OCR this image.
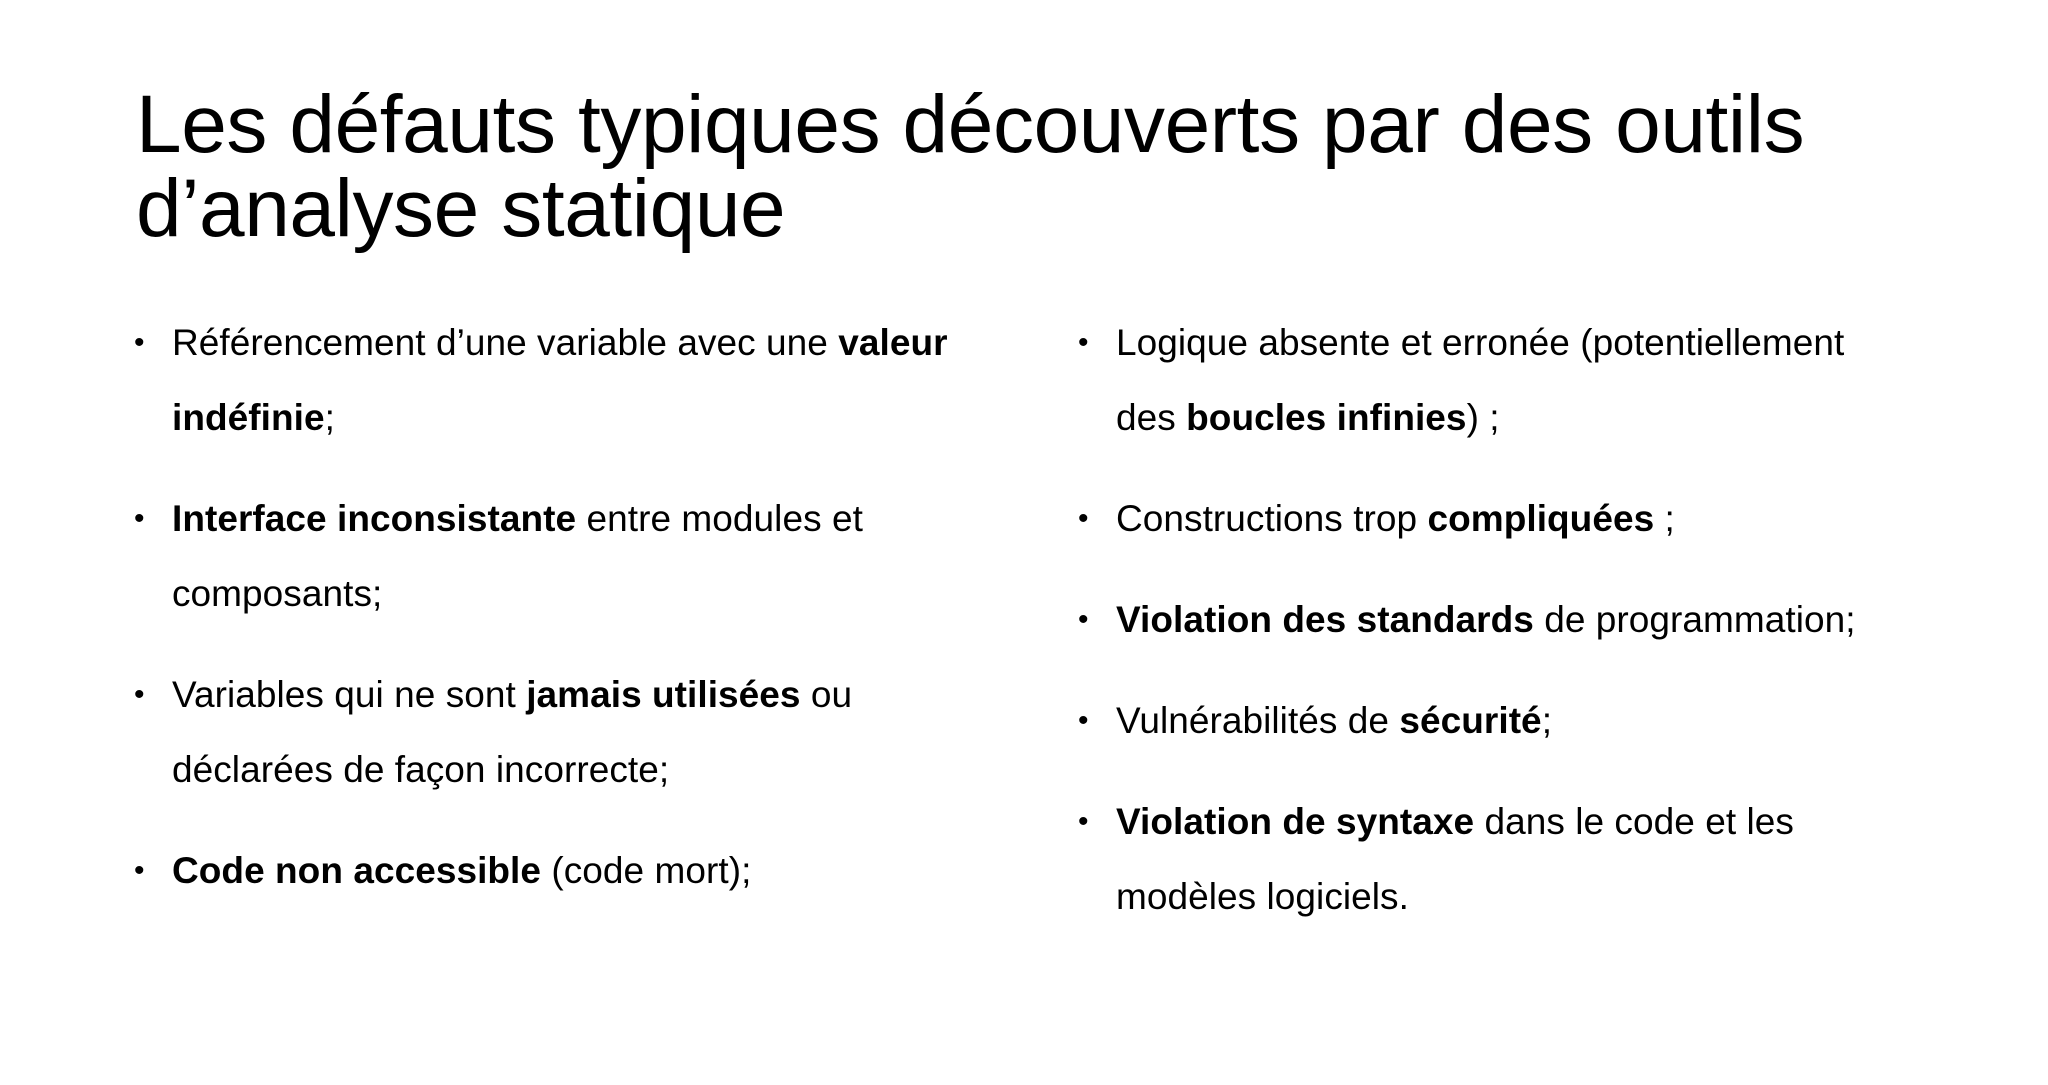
Les défauts typiques découverts par des outils d’analyse statique
• Référencement d’une variable avec une valeur indéfinie;
• Interface inconsistante entre modules et composants;
• Variables qui ne sont jamais utilisées ou déclarées de façon incorrecte;
• Code non accessible (code mort);
• Logique absente et erronée (potentiellement des boucles infinies) ;
• Constructions trop compliquées ;
• Violation des standards de programmation;
• Vulnérabilités de sécurité;
• Violation de syntaxe dans le code et les modèles logiciels.
